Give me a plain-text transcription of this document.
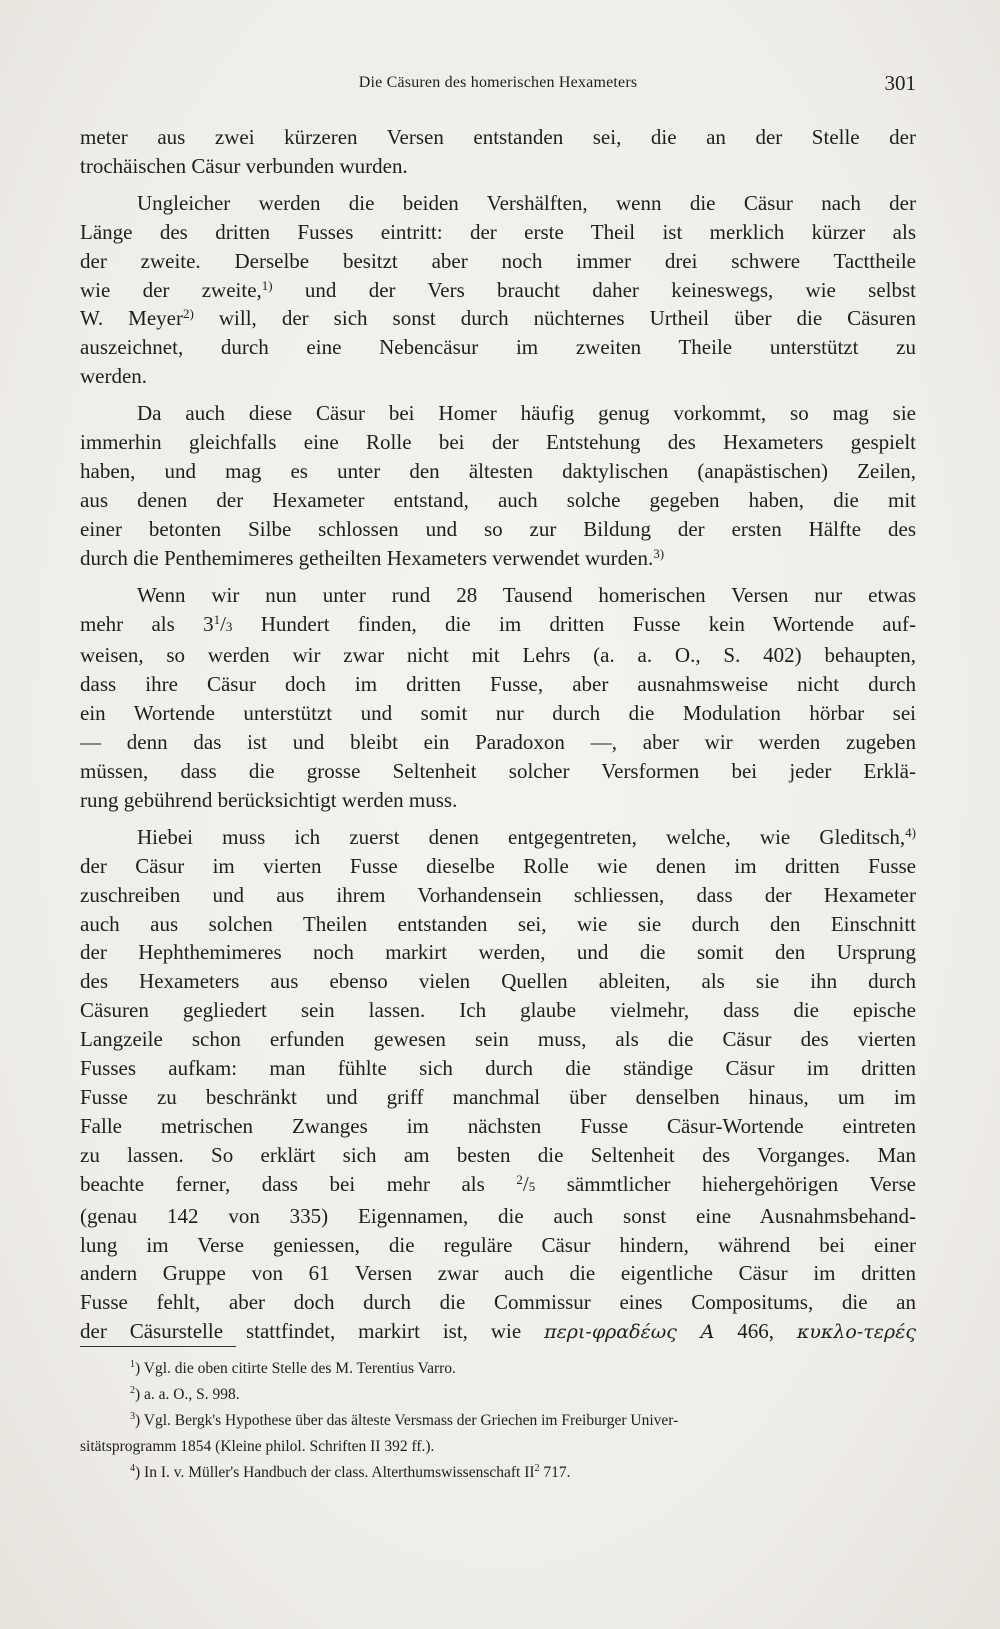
Die Cäsuren des homerischen Hexameters	301
meter aus zwei kürzeren Versen entstanden sei, die an der Stelle der
trochäischen Cäsur verbunden wurden.
Ungleicher werden die beiden Vershälften, wenn die Cäsur nach der
Länge des dritten Fusses eintritt: der erste Theil ist merklich kürzer als
der zweite. Derselbe besitzt aber noch immer drei schwere Tacttheile
wie der zweite,$^{1)}$ und der Vers braucht daher keineswegs, wie selbst
W. Meyer$^{2)}$ will, der sich sonst durch nüchternes Urtheil über die Cäsuren
auszeichnet, durch eine Nebencäsur im zweiten Theile unterstützt zu
werden.
Da auch diese Cäsur bei Homer häufig genug vorkommt, so mag sie
immerhin gleichfalls eine Rolle bei der Entstehung des Hexameters gespielt
haben, und mag es unter den ältesten daktylischen (anapästischen) Zeilen,
aus denen der Hexameter entstand, auch solche gegeben haben, die mit
einer betonten Silbe schlossen und so zur Bildung der ersten Hälfte des
durch die Penthemimeres getheilten Hexameters verwendet wurden.$^{3)}$
Wenn wir nun unter rund 28 Tausend homerischen Versen nur etwas
mehr als 3$^1$/3 Hundert finden, die im dritten Fusse kein Wortende auf-
weisen, so werden wir zwar nicht mit Lehrs (a. a. O., S. 402) behaupten,
dass ihre Cäsur doch im dritten Fusse, aber ausnahmsweise nicht durch
ein Wortende unterstützt und somit nur durch die Modulation hörbar sei
— denn das ist und bleibt ein Paradoxon —, aber wir werden zugeben
müssen, dass die grosse Seltenheit solcher Versformen bei jeder Erklä-
rung gebührend berücksichtigt werden muss.
Hiebei muss ich zuerst denen entgegentreten, welche, wie Gleditsch,$^{4)}$
der Cäsur im vierten Fusse dieselbe Rolle wie denen im dritten Fusse
zuschreiben und aus ihrem Vorhandensein schliessen, dass der Hexameter
auch aus solchen Theilen entstanden sei, wie sie durch den Einschnitt
der Hephthemimeres noch markirt werden, und die somit den Ursprung
des Hexameters aus ebenso vielen Quellen ableiten, als sie ihn durch
Cäsuren gegliedert sein lassen. Ich glaube vielmehr, dass die epische
Langzeile schon erfunden gewesen sein muss, als die Cäsur des vierten
Fusses aufkam: man fühlte sich durch die ständige Cäsur im dritten
Fusse zu beschränkt und griff manchmal über denselben hinaus, um im
Falle metrischen Zwanges im nächsten Fusse Cäsur-Wortende eintreten
zu lassen. So erklärt sich am besten die Seltenheit des Vorganges. Man
beachte ferner, dass bei mehr als $^2$/5 sämmtlicher hiehergehörigen Verse
(genau 142 von 335) Eigennamen, die auch sonst eine Ausnahmsbehand-
lung im Verse geniessen, die reguläre Cäsur hindern, während bei einer
andern Gruppe von 61 Versen zwar auch die eigentliche Cäsur im dritten
Fusse fehlt, aber doch durch die Commissur eines Compositums, die an
der Cäsurstelle stattfindet, markirt ist, wie περι-φραδέως Α 466, κυκλο-τερές
$^1$) Vgl. die oben citirte Stelle des M. Terentius Varro.
$^2$) a. a. O., S. 998.
$^3$) Vgl. Bergk's Hypothese über das älteste Versmass der Griechen im Freiburger Univer-
sitätsprogramm 1854 (Kleine philol. Schriften II 392 ff.).
$^4$) In I. v. Müller's Handbuch der class. Alterthumswissenschaft II$^2$ 717.
